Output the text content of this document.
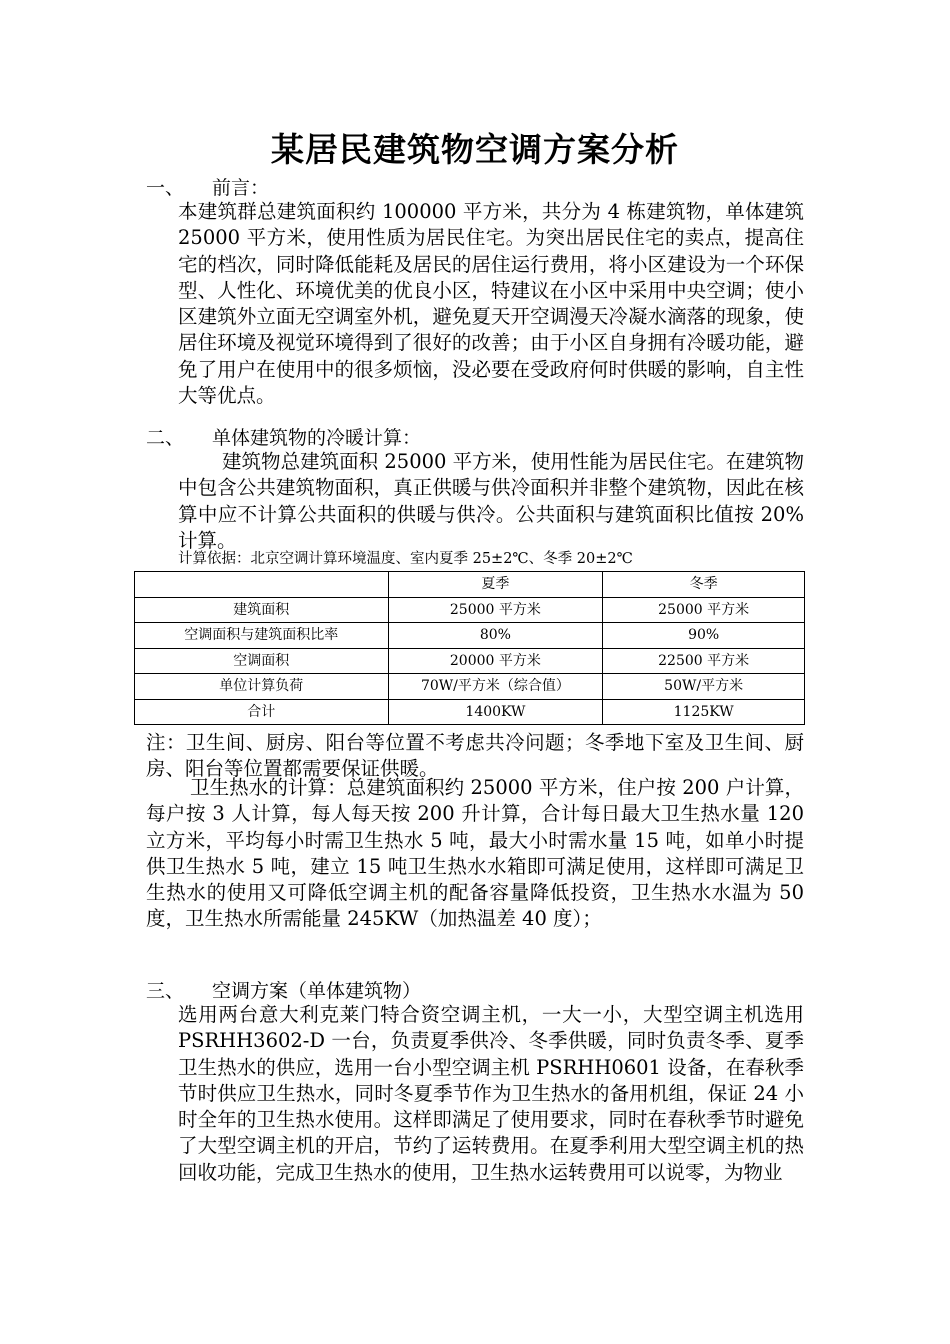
某居民建筑物空调方案分析
一、 前言：

本建筑群总建筑面积约 100000 平方米，共分为 4 栋建筑物，单体建筑 25000 平方米，使用性质为居民住宅。为突出居民住宅的卖点，提高住宅的档次，同时降低能耗及居民的居住运行费用，将小区建设为一个环保型、人性化、环境优美的优良小区，特建议在小区中采用中央空调；使小区建筑外立面无空调室外机，避免夏天开空调漫天冷凝水滴落的现象，使居住环境及视觉环境得到了很好的改善；由于小区自身拥有冷暖功能，避免了用户在使用中的很多烦恼，没必要在受政府何时供暖的影响，自主性大等优点。

二、 单体建筑物的冷暖计算：

建筑物总建筑面积 25000 平方米，使用性能为居民住宅。在建筑物中包含公共建筑物面积，真正供暖与供冷面积并非整个建筑物，因此在核算中应不计算公共面积的供暖与供冷。公共面积与建筑面积比值按 20%计算。

计算依据：北京空调计算环境温度、室内夏季 25±2℃、冬季 20±2℃
	夏季	冬季
建筑面积	25000 平方米	25000 平方米
空调面积与建筑面积比率	80%	90%
空调面积	20000 平方米	22500 平方米
单位计算负荷	70W/平方米（综合值）	50W/平方米
合计	1400KW	1125KW

注：卫生间、厨房、阳台等位置不考虑共冷问题；冬季地下室及卫生间、厨房、阳台等位置都需要保证供暖。

卫生热水的计算：总建筑面积约 25000 平方米，住户按 200 户计算，每户按 3 人计算，每人每天按 200 升计算，合计每日最大卫生热水量 120 立方米，平均每小时需卫生热水 5 吨，最大小时需水量 15 吨，如单小时提供卫生热水 5 吨，建立 15 吨卫生热水水箱即可满足使用，这样即可满足卫生热水的使用又可降低空调主机的配备容量降低投资，卫生热水水温为 50 度，卫生热水所需能量 245KW（加热温差 40 度）；

三、 空调方案（单体建筑物）

选用两台意大利克莱门特合资空调主机，一大一小，大型空调主机选用 PSRHH3602-D 一台，负责夏季供冷、冬季供暖，同时负责冬季、夏季卫生热水的供应，选用一台小型空调主机 PSRHH0601 设备，在春秋季节时供应卫生热水，同时冬夏季节作为卫生热水的备用机组，保证 24 小时全年的卫生热水使用。这样即满足了使用要求，同时在春秋季节时避免了大型空调主机的开启，节约了运转费用。在夏季利用大型空调主机的热回收功能，完成卫生热水的使用，卫生热水运转费用可以说零，为物业
